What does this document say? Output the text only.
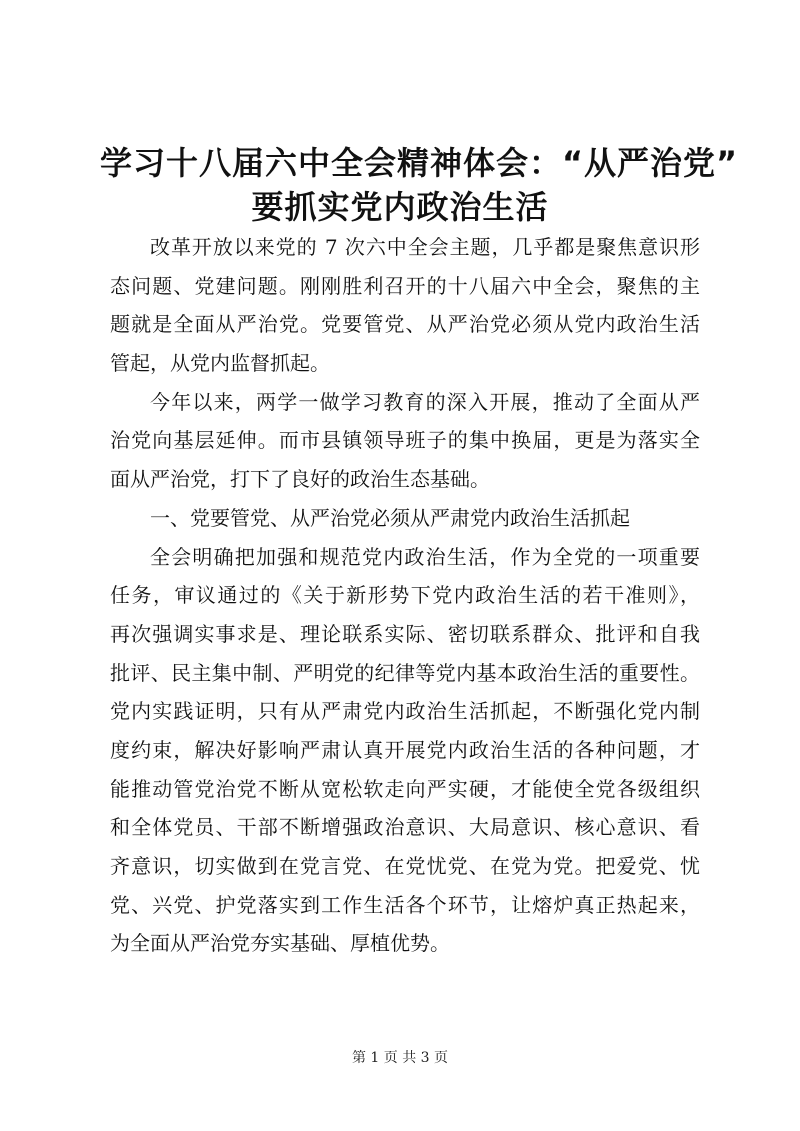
学习十八届六中全会精神体会：“从严治党”
要抓实党内政治生活
改革开放以来党的 7 次六中全会主题，几乎都是聚焦意识形
态问题、党建问题。刚刚胜利召开的十八届六中全会，聚焦的主
题就是全面从严治党。党要管党、从严治党必须从党内政治生活
管起，从党内监督抓起。
今年以来，两学一做学习教育的深入开展，推动了全面从严
治党向基层延伸。而市县镇领导班子的集中换届，更是为落实全
面从严治党，打下了良好的政治生态基础。
一、党要管党、从严治党必须从严肃党内政治生活抓起
全会明确把加强和规范党内政治生活，作为全党的一项重要
任务，审议通过的《关于新形势下党内政治生活的若干准则》，
再次强调实事求是、理论联系实际、密切联系群众、批评和自我
批评、民主集中制、严明党的纪律等党内基本政治生活的重要性。
党内实践证明，只有从严肃党内政治生活抓起，不断强化党内制
度约束，解决好影响严肃认真开展党内政治生活的各种问题，才
能推动管党治党不断从宽松软走向严实硬，才能使全党各级组织
和全体党员、干部不断增强政治意识、大局意识、核心意识、看
齐意识，切实做到在党言党、在党忧党、在党为党。把爱党、忧
党、兴党、护党落实到工作生活各个环节，让熔炉真正热起来，
为全面从严治党夯实基础、厚植优势。
第 1 页 共 3 页
